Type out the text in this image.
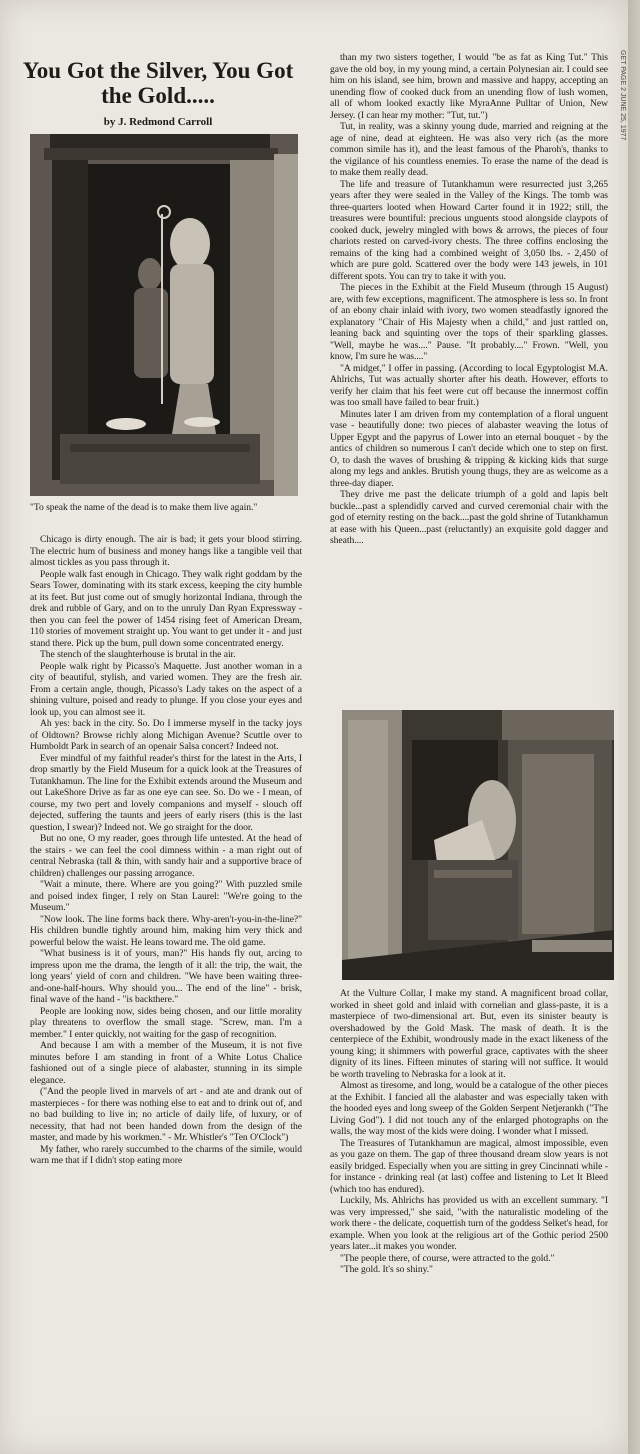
GET PAGE 2 JUNE 25, 1977
You Got the Silver, You Got the Gold.....
by J. Redmond Carroll
"To speak the name of the dead is to make them live again."

Chicago is dirty enough. The air is bad; it gets your blood stirring. The electric hum of business and money hangs like a tangible veil that almost tickles as you pass through it.

People walk fast enough in Chicago. They walk right goddam by the Sears Tower, dominating with its stark excess, keeping the city humble at its feet. But just come out of smugly horizontal Indiana, through the drek and rubble of Gary, and on to the unruly Dan Ryan Expressway - then you can feel the power of 1454 rising feet of American Dream, 110 stories of movement straight up. You want to get under it - and just stand there. Pick up the bum, pull down some concentrated energy.

The stench of the slaughterhouse is brutal in the air.

People walk right by Picasso's Maquette. Just another woman in a city of beautiful, stylish, and varied women. They are the fresh air. From a certain angle, though, Picasso's Lady takes on the aspect of a shining vulture, poised and ready to plunge. If you close your eyes and look up, you can almost see it.

Ah yes: back in the city. So. Do I immerse myself in the tacky joys of Oldtown? Browse richly along Michigan Avenue? Scuttle over to Humboldt Park in search of an openair Salsa concert? Indeed not.

Ever mindful of my faithful reader's thirst for the latest in the Arts, I drop smartly by the Field Museum for a quick look at the Treasures of Tutankhamun. The line for the Exhibit extends around the Museum and out LakeShore Drive as far as one eye can see. So. Do we - I mean, of course, my two pert and lovely companions and myself - slouch off dejected, suffering the taunts and jeers of early risers (this is the last question, I swear)? Indeed not. We go straight for the door.

But no one, O my reader, goes through life untested. At the head of the stairs - we can feel the cool dimness within - a man right out of central Nebraska (tall & thin, with sandy hair and a supportive brace of children) challenges our passing arrogance.

"Wait a minute, there. Where are you going?" With puzzled smile and poised index finger, I rely on Stan Laurel: "We're going to the Museum."

"Now look. The line forms back there. Why-aren't-you-in-the-line?" His children bundle tightly around him, making him very thick and powerful below the waist. He leans toward me. The old game.

"What business is it of yours, man?" His hands fly out, arcing to impress upon me the drama, the length of it all: the trip, the wait, the long years' yield of corn and children. "We have been waiting three-and-one-half-hours. Why should you... The end of the line" - brisk, final wave of the hand - "is backthere."

People are looking now, sides being chosen, and our little morality play threatens to overflow the small stage. "Screw, man. I'm a member." I enter quickly, not waiting for the gasp of recognition.

And because I am with a member of the Museum, it is not five minutes before I am standing in front of a White Lotus Chalice fashioned out of a single piece of alabaster, stunning in its simple elegance.

("And the people lived in marvels of art - and ate and drank out of masterpieces - for there was nothing else to eat and to drink out of, and no bad building to live in; no article of daily life, of luxury, or of necessity, that had not been handed down from the design of the master, and made by his workmen." - Mr. Whistler's "Ten O'Clock")

My father, who rarely succumbed to the charms of the simile, would warn me that if I didn't stop eating more

than my two sisters together, I would "be as fat as King Tut." This gave the old boy, in my young mind, a certain Polynesian air. I could see him on his island, see him, brown and massive and happy, accepting an unending flow of cooked duck from an unending flow of lush women, all of whom looked exactly like MyraAnne Pulltar of Union, New Jersey. (I can hear my mother: "Tut, tut.")

Tut, in reality, was a skinny young dude, married and reigning at the age of nine, dead at eighteen. He was also very rich (as the more common simile has it), and the least famous of the Pharoh's, thanks to the vigilance of his countless enemies. To erase the name of the dead is to make them really dead.

The life and treasure of Tutankhamun were resurrected just 3,265 years after they were sealed in the Valley of the Kings. The tomb was three-quarters looted when Howard Carter found it in 1922; still, the treasures were bountiful: precious unguents stood alongside claypots of cooked duck, jewelry mingled with bows & arrows, the pieces of four chariots rested on carved-ivory chests. The three coffins enclosing the remains of the king had a combined weight of 3,050 lbs. - 2,450 of which are pure gold. Scattered over the body were 143 jewels, in 101 different spots. You can try to take it with you.

The pieces in the Exhibit at the Field Museum (through 15 August) are, with few exceptions, magnificent. The atmosphere is less so. In front of an ebony chair inlaid with ivory, two women steadfastly ignored the explanatory "Chair of His Majesty when a child," and just rattled on, leaning back and squinting over the tops of their sparkling glasses. "Well, maybe he was...." Pause. "It probably...." Frown. "Well, you know, I'm sure he was...."

"A midget," I offer in passing. (According to local Egyptologist M.A. Ahlrichs, Tut was actually shorter after his death. However, efforts to verify her claim that his feet were cut off because the innermost coffin was too small have failed to bear fruit.)

Minutes later I am driven from my contemplation of a floral unguent vase - beautifully done: two pieces of alabaster weaving the lotus of Upper Egypt and the papyrus of Lower into an eternal bouquet - by the antics of children so numerous I can't decide which one to step on first. O, to dash the waves of brushing & tripping & kicking kids that surge along my legs and ankles. Brutish young thugs, they are as welcome as a three-day diaper.

They drive me past the delicate triumph of a gold and lapis belt buckle...past a splendidly carved and curved ceremonial chair with the god of eternity resting on the back....past the gold shrine of Tutankhamun at ease with his Queen...past (reluctantly) an exquisite gold dagger and sheath....

At the Vulture Collar, I make my stand. A magnificent broad collar, worked in sheet gold and inlaid with cornelian and glass-paste, it is a masterpiece of two-dimensional art. But, even its sinister beauty is overshadowed by the Gold Mask. The mask of death. It is the centerpiece of the Exhibit, wondrously made in the exact likeness of the young king; it shimmers with powerful grace, captivates with the sheer dignity of its lines. Fifteen minutes of staring will not suffice. It would be worth traveling to Nebraska for a look at it.

Almost as tiresome, and long, would be a catalogue of the other pieces at the Exhibit. I fancied all the alabaster and was especially taken with the hooded eyes and long sweep of the Golden Serpent Netjerankh ("The Living God"). I did not touch any of the enlarged photographs on the walls, the way most of the kids were doing. I wonder what I missed.

The Treasures of Tutankhamun are magical, almost impossible, even as you gaze on them. The gap of three thousand dream slow years is not easily bridged. Especially when you are sitting in grey Cincinnati while - for instance - drinking real (at last) coffee and listening to Let It Bleed (which too has endured).

Luckily, Ms. Ahlrichs has provided us with an excellent summary. "I was very impressed," she said, "with the naturalistic modeling of the work there - the delicate, coquettish turn of the goddess Selket's head, for example. When you look at the religious art of the Gothic period 2500 years later...it makes you wonder.

"The people there, of course, were attracted to the gold."

"The gold. It's so shiny."
